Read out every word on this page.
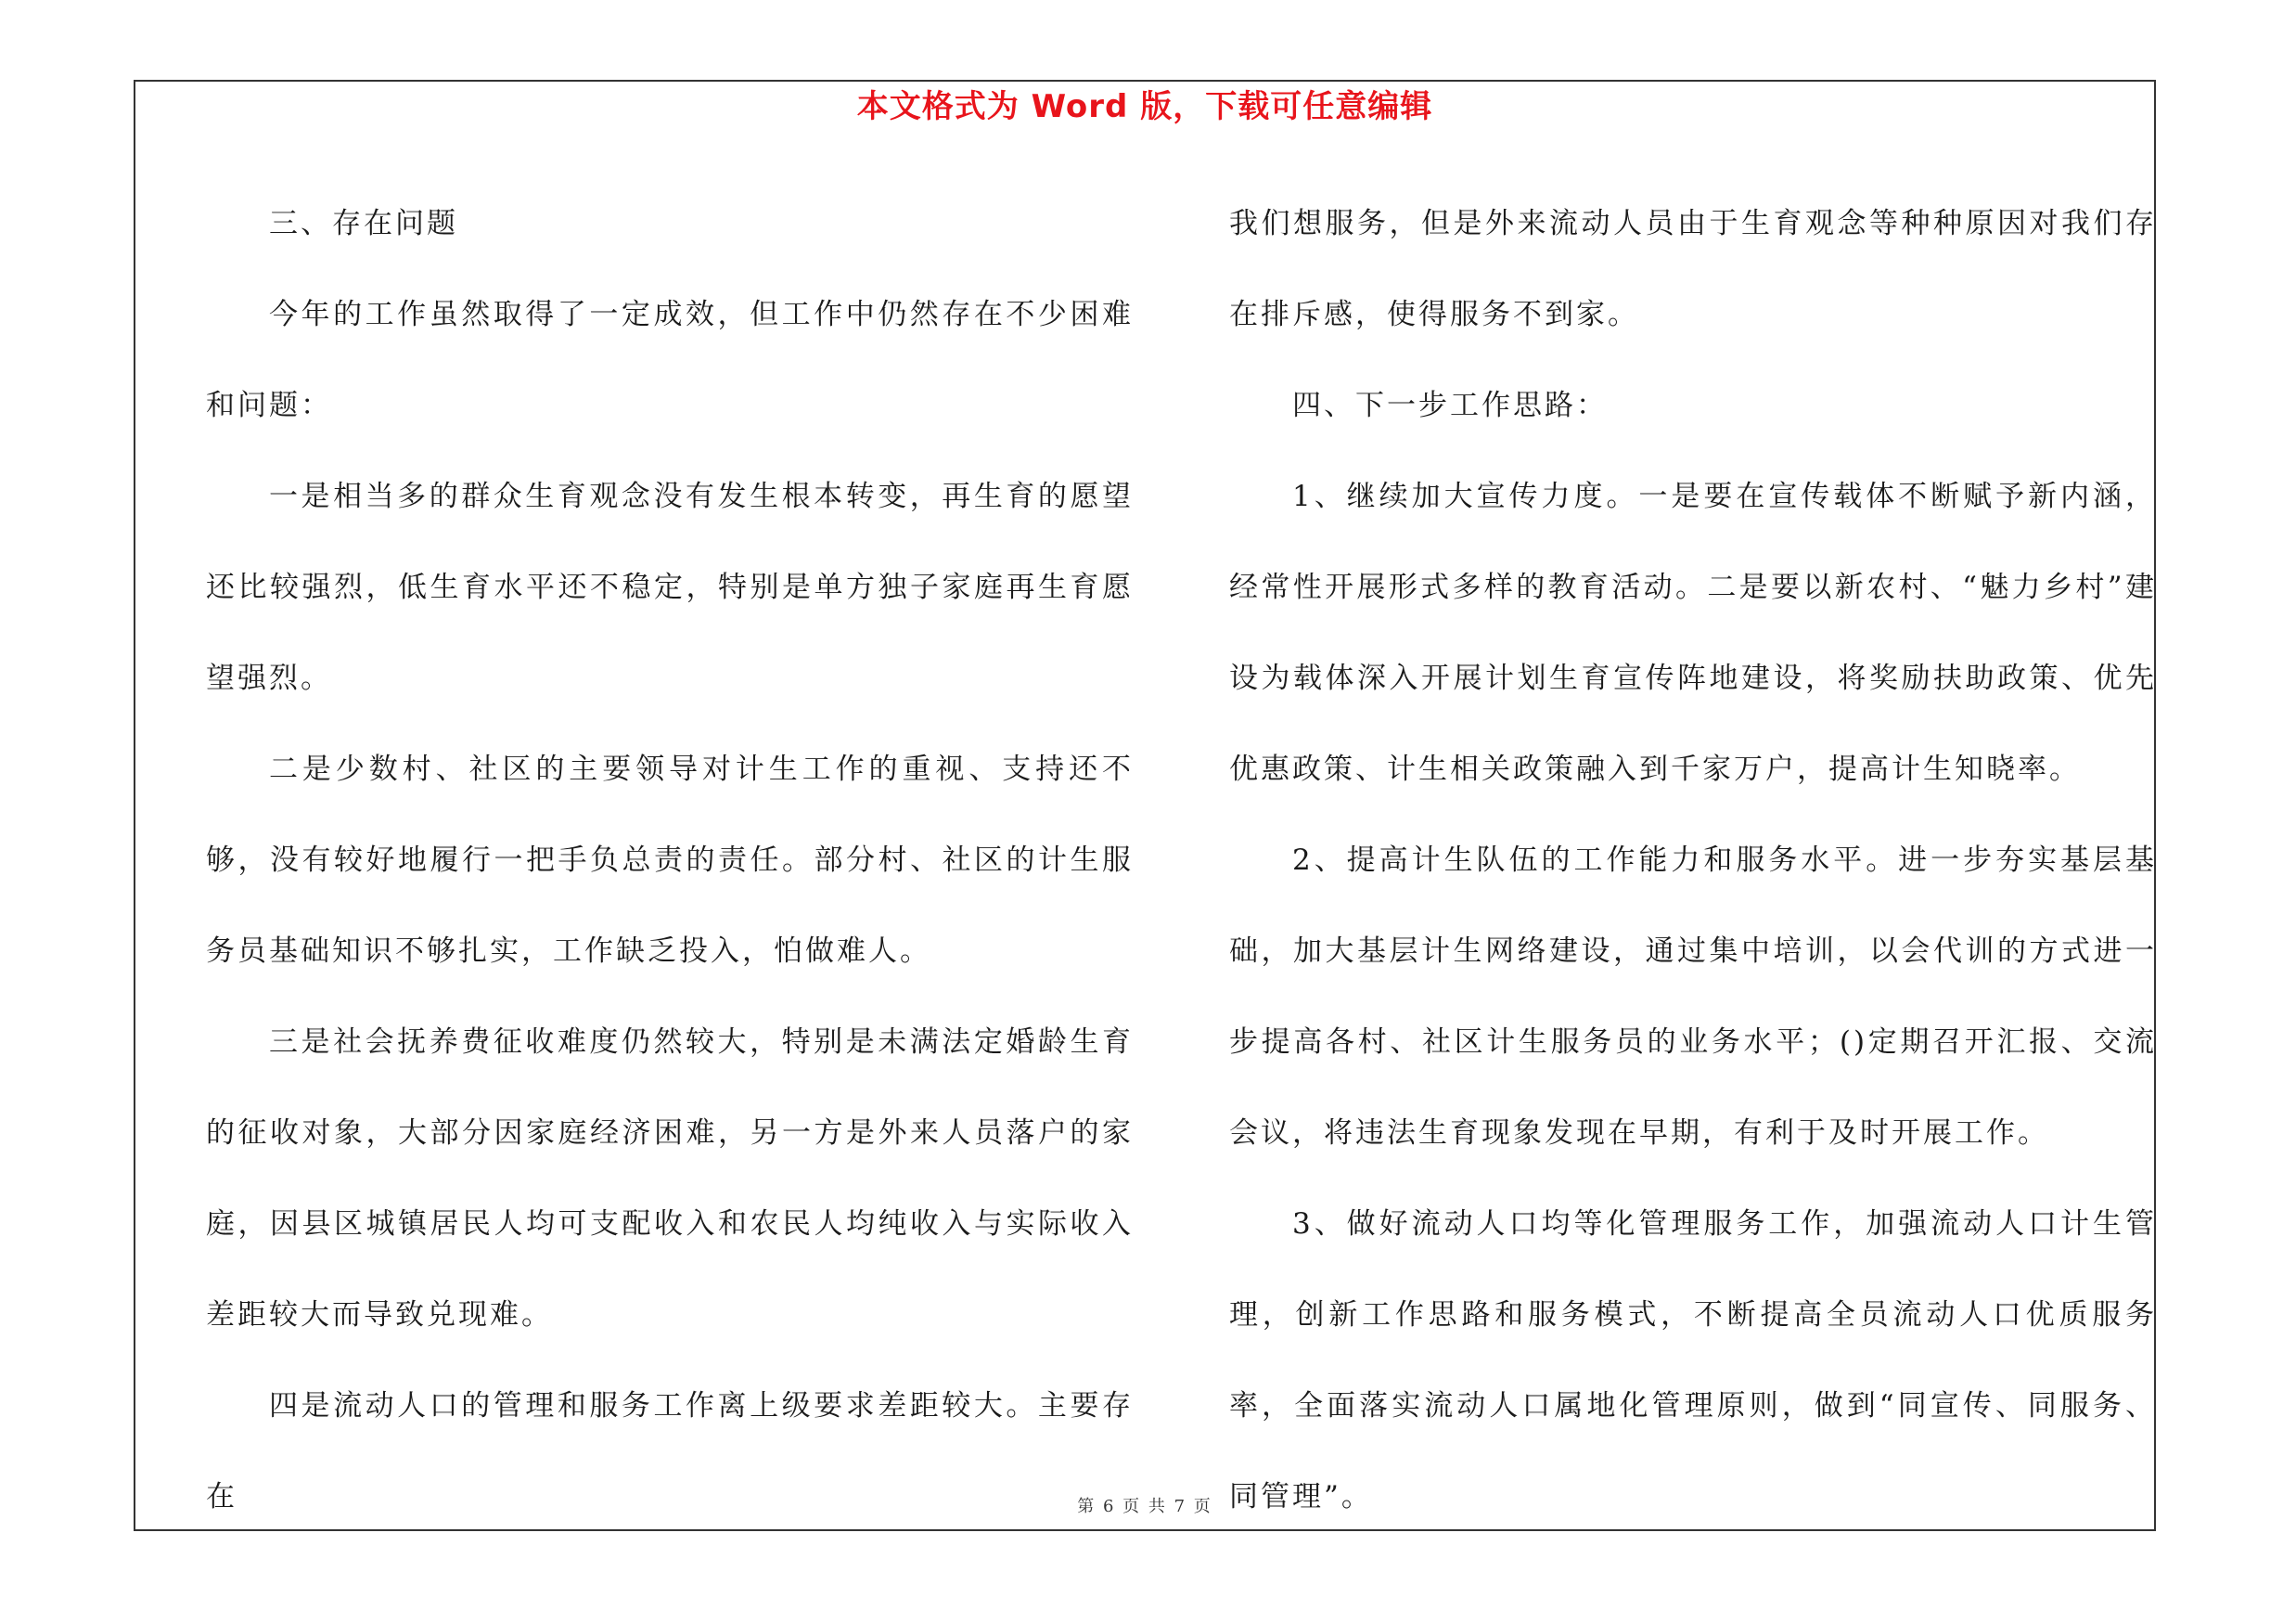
本文格式为 Word 版，下载可任意编辑

三、存在问题

今年的工作虽然取得了一定成效，但工作中仍然存在不少困难和问题：

一是相当多的群众生育观念没有发生根本转变，再生育的愿望还比较强烈，低生育水平还不稳定，特别是单方独子家庭再生育愿望强烈。

二是少数村、社区的主要领导对计生工作的重视、支持还不够，没有较好地履行一把手负总责的责任。部分村、社区的计生服务员基础知识不够扎实，工作缺乏投入，怕做难人。

三是社会抚养费征收难度仍然较大，特别是未满法定婚龄生育的征收对象，大部分因家庭经济困难，另一方是外来人员落户的家庭，因县区城镇居民人均可支配收入和农民人均纯收入与实际收入差距较大而导致兑现难。

四是流动人口的管理和服务工作离上级要求差距较大。主要存在

我们想服务，但是外来流动人员由于生育观念等种种原因对我们存在排斥感，使得服务不到家。

四、下一步工作思路：

1、继续加大宣传力度。一是要在宣传载体不断赋予新内涵，经常性开展形式多样的教育活动。二是要以新农村、“魅力乡村”建设为载体深入开展计划生育宣传阵地建设，将奖励扶助政策、优先优惠政策、计生相关政策融入到千家万户，提高计生知晓率。

2、提高计生队伍的工作能力和服务水平。进一步夯实基层基础，加大基层计生网络建设，通过集中培训，以会代训的方式进一步提高各村、社区计生服务员的业务水平；()定期召开汇报、交流会议，将违法生育现象发现在早期，有利于及时开展工作。

3、做好流动人口均等化管理服务工作，加强流动人口计生管理，创新工作思路和服务模式，不断提高全员流动人口优质服务率，全面落实流动人口属地化管理原则，做到“同宣传、同服务、同管理”。

第 6 页 共 7 页
